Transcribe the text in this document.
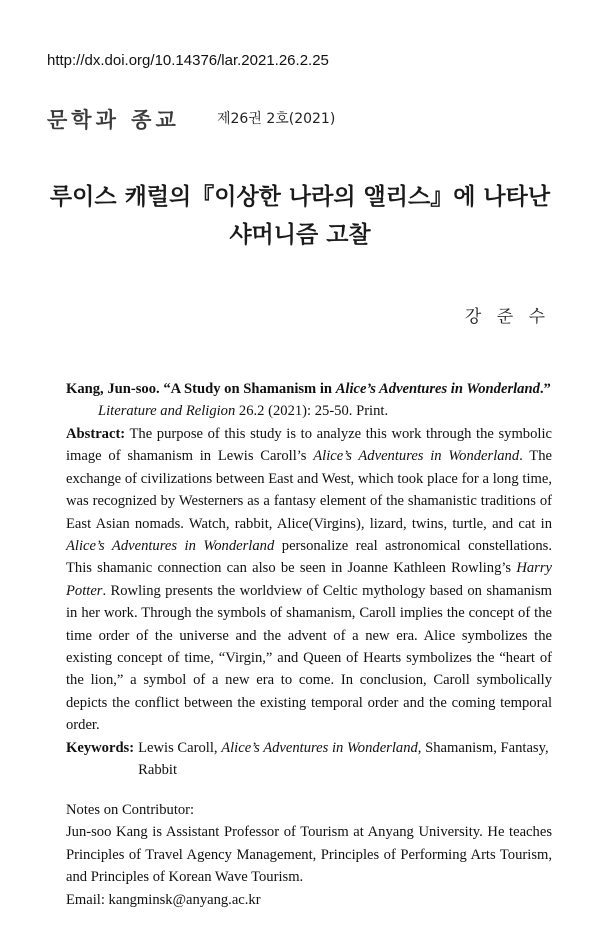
http://dx.doi.org/10.14376/lar.2021.26.2.25
문학과 종교	제26권 2호(2021)
루이스 캐럴의『이상한 나라의 앨리스』에 나타난
샤머니즘 고찰
강 준 수
Kang, Jun-soo. “A Study on Shamanism in Alice’s Adventures in Wonderland.”
Literature and Religion 26.2 (2021): 25-50. Print.
Abstract: The purpose of this study is to analyze this work through the symbolic image of shamanism in Lewis Caroll’s Alice’s Adventures in Wonderland. The exchange of civilizations between East and West, which took place for a long time, was recognized by Westerners as a fantasy element of the shamanistic traditions of East Asian nomads. Watch, rabbit, Alice(Virgins), lizard, twins, turtle, and cat in Alice’s Adventures in Wonderland personalize real astronomical constellations. This shamanic connection can also be seen in Joanne Kathleen Rowling’s Harry Potter. Rowling presents the worldview of Celtic mythology based on shamanism in her work. Through the symbols of shamanism, Caroll implies the concept of the time order of the universe and the advent of a new era. Alice symbolizes the existing concept of time, “Virgin,” and Queen of Hearts symbolizes the “heart of the lion,” a symbol of a new era to come. In conclusion, Caroll symbolically depicts the conflict between the existing temporal order and the coming temporal order.
Keywords: Lewis Caroll, Alice’s Adventures in Wonderland, Shamanism, Fantasy, Rabbit
Notes on Contributor:
Jun-soo Kang is Assistant Professor of Tourism at Anyang University. He teaches Principles of Travel Agency Management, Principles of Performing Arts Tourism, and Principles of Korean Wave Tourism.
Email: kangminsk@anyang.ac.kr
